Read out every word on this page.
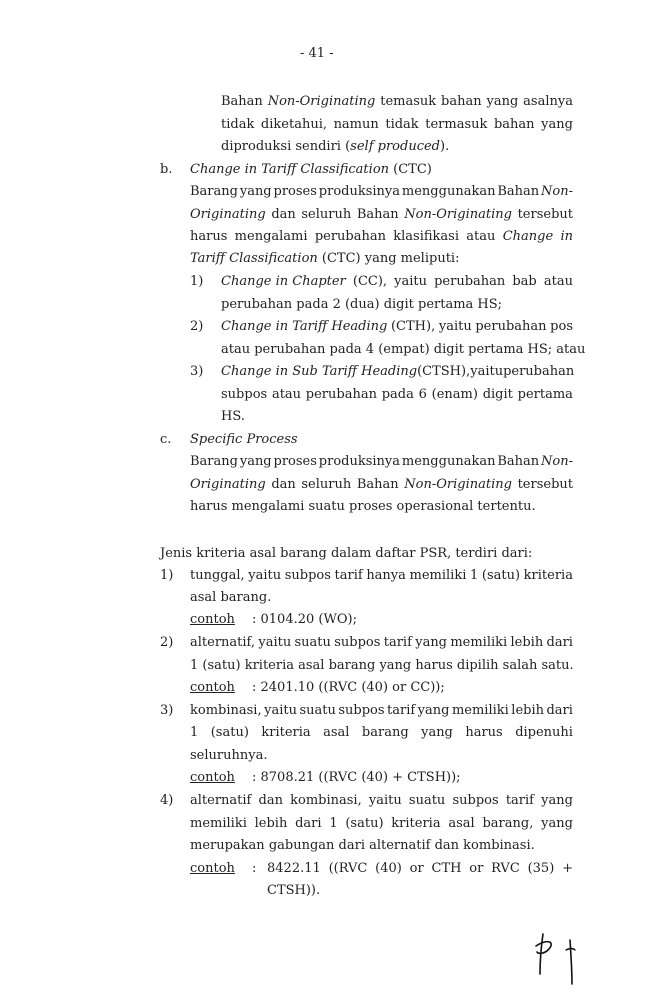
- 41 -
Bahan Non-Originating temasuk bahan yang asalnya
tidak diketahui, namun tidak termasuk bahan yang
diproduksi sendiri (self produced).
b. Change in Tariff Classification (CTC)
Barang yang proses produksinya menggunakan Bahan Non-
Originating dan seluruh Bahan Non-Originating tersebut
harus mengalami perubahan klasifikasi atau Change in
Tariff Classification (CTC) yang meliputi:
1) Change in Chapter (CC), yaitu perubahan bab atau
perubahan pada 2 (dua) digit pertama HS;
2) Change in Tariff Heading (CTH), yaitu perubahan pos
atau perubahan pada 4 (empat) digit pertama HS; atau
3) Change in Sub Tariff Heading (CTSH), yaitu perubahan
subpos atau perubahan pada 6 (enam) digit pertama
HS.
c. Specific Process
Barang yang proses produksinya menggunakan Bahan Non-
Originating dan seluruh Bahan Non-Originating tersebut
harus mengalami suatu proses operasional tertentu.
Jenis kriteria asal barang dalam daftar PSR, terdiri dari:
1) tunggal, yaitu subpos tarif hanya memiliki 1 (satu) kriteria
asal barang.
contoh : 0104.20 (WO);
2) alternatif, yaitu suatu subpos tarif yang memiliki lebih dari
1 (satu) kriteria asal barang yang harus dipilih salah satu.
contoh : 2401.10 ((RVC (40) or CC));
3) kombinasi, yaitu suatu subpos tarif yang memiliki lebih dari
1 (satu) kriteria asal barang yang harus dipenuhi
seluruhnya.
contoh : 8708.21 ((RVC (40) + CTSH));
4) alternatif dan kombinasi, yaitu suatu subpos tarif yang
memiliki lebih dari 1 (satu) kriteria asal barang, yang
merupakan gabungan dari alternatif dan kombinasi.
contoh : 8422.11 ((RVC (40) or CTH or RVC (35) +
CTSH)).
